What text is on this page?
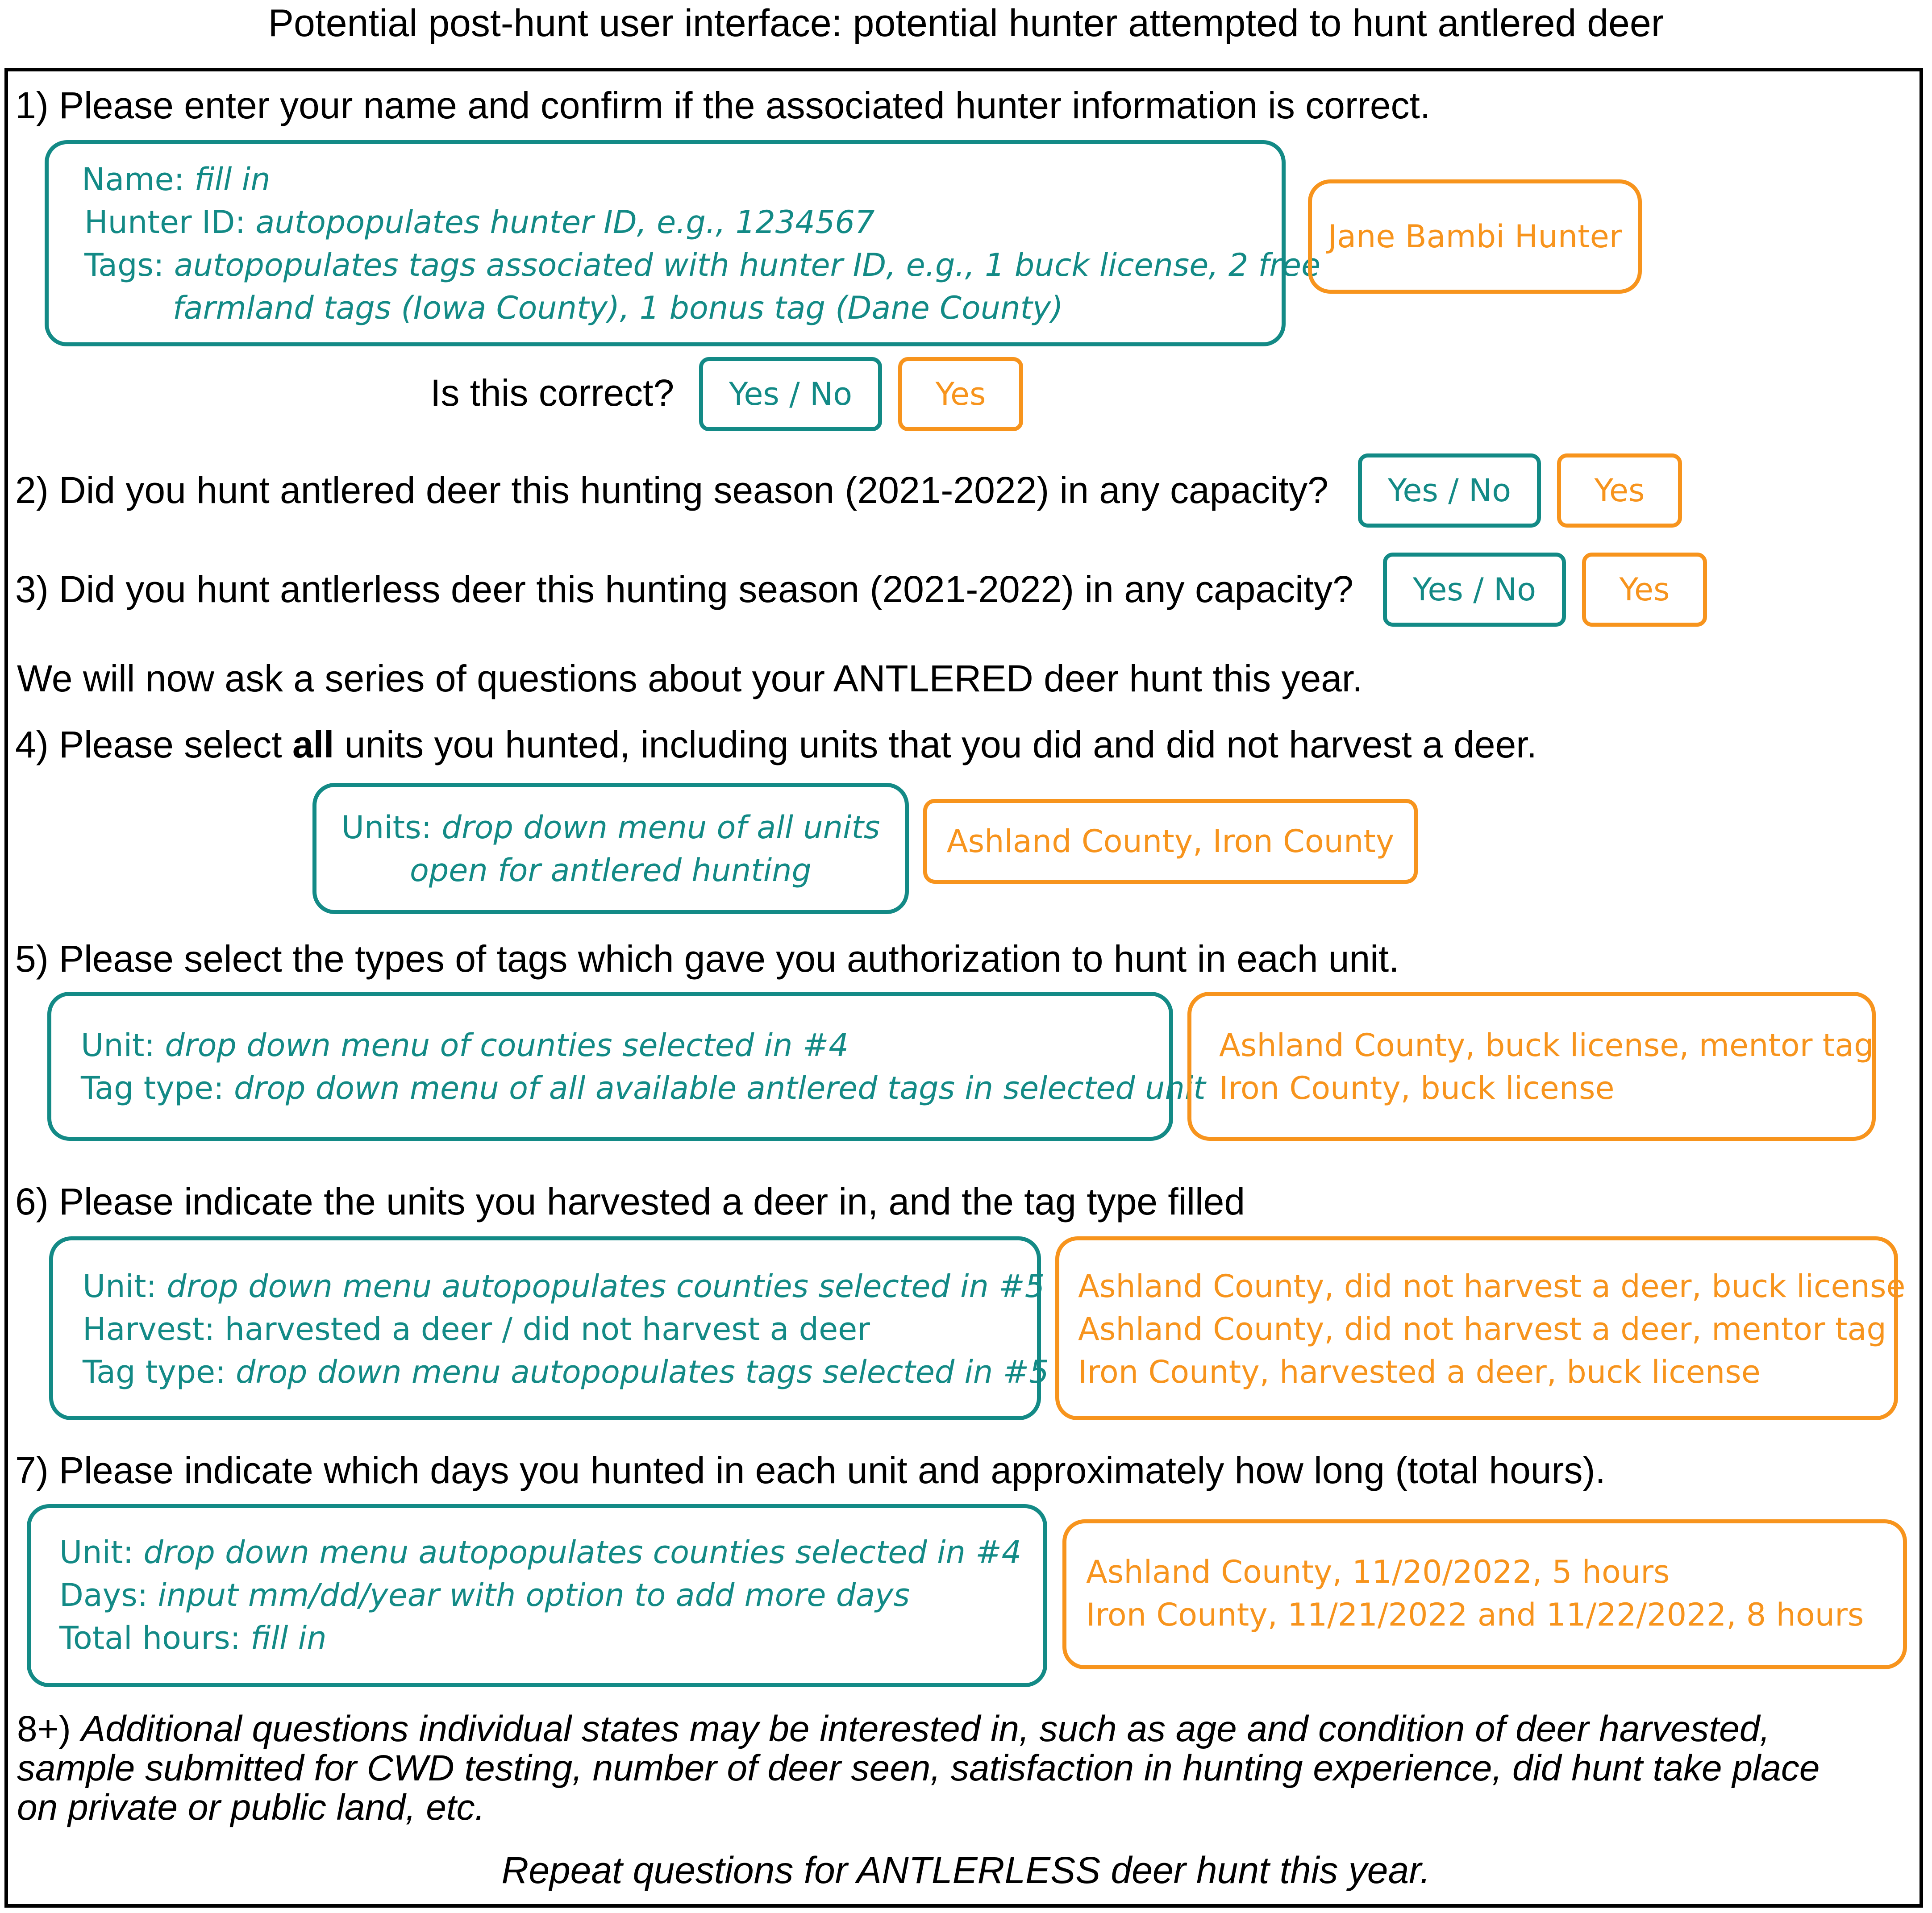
Potential post-hunt user interface: potential hunter attempted to hunt antlered deer
1) Please enter your name and confirm if the associated hunter information is correct.
Name: fill in
Hunter ID: autopopulates hunter ID, e.g., 1234567
Tags: autopopulates tags associated with hunter ID, e.g., 1 buck license, 2 free
farmland tags (Iowa County), 1 bonus tag (Dane County)
Jane Bambi Hunter
Is this correct?	Yes / No	Yes
2) Did you hunt antlered deer this hunting season (2021-2022) in any capacity?	Yes / No	Yes
3) Did you hunt antlerless deer this hunting season (2021-2022) in any capacity?	Yes / No	Yes
We will now ask a series of questions about your ANTLERED deer hunt this year.
4) Please select all units you hunted, including units that you did and did not harvest a deer.
Units: drop down menu of all units
open for antlered hunting
Ashland County, Iron County
5) Please select the types of tags which gave you authorization to hunt in each unit.
Unit: drop down menu of counties selected in #4
Tag type: drop down menu of all available antlered tags in selected unit
Ashland County, buck license, mentor tag
Iron County, buck license
6) Please indicate the units you harvested a deer in, and the tag type filled
Unit: drop down menu autopopulates counties selected in #5
Harvest: harvested a deer / did not harvest a deer
Tag type: drop down menu autopopulates tags selected in #5
Ashland County, did not harvest a deer, buck license
Ashland County, did not harvest a deer, mentor tag
Iron County, harvested a deer, buck license
7) Please indicate which days you hunted in each unit and approximately how long (total hours).
Unit: drop down menu autopopulates counties selected in #4
Days: input mm/dd/year with option to add more days
Total hours: fill in
Ashland County, 11/20/2022, 5 hours
Iron County, 11/21/2022 and 11/22/2022, 8 hours
8+) Additional questions individual states may be interested in, such as age and condition of deer harvested,
sample submitted for CWD testing, number of deer seen, satisfaction in hunting experience, did hunt take place
on private or public land, etc.
Repeat questions for ANTLERLESS deer hunt this year.
